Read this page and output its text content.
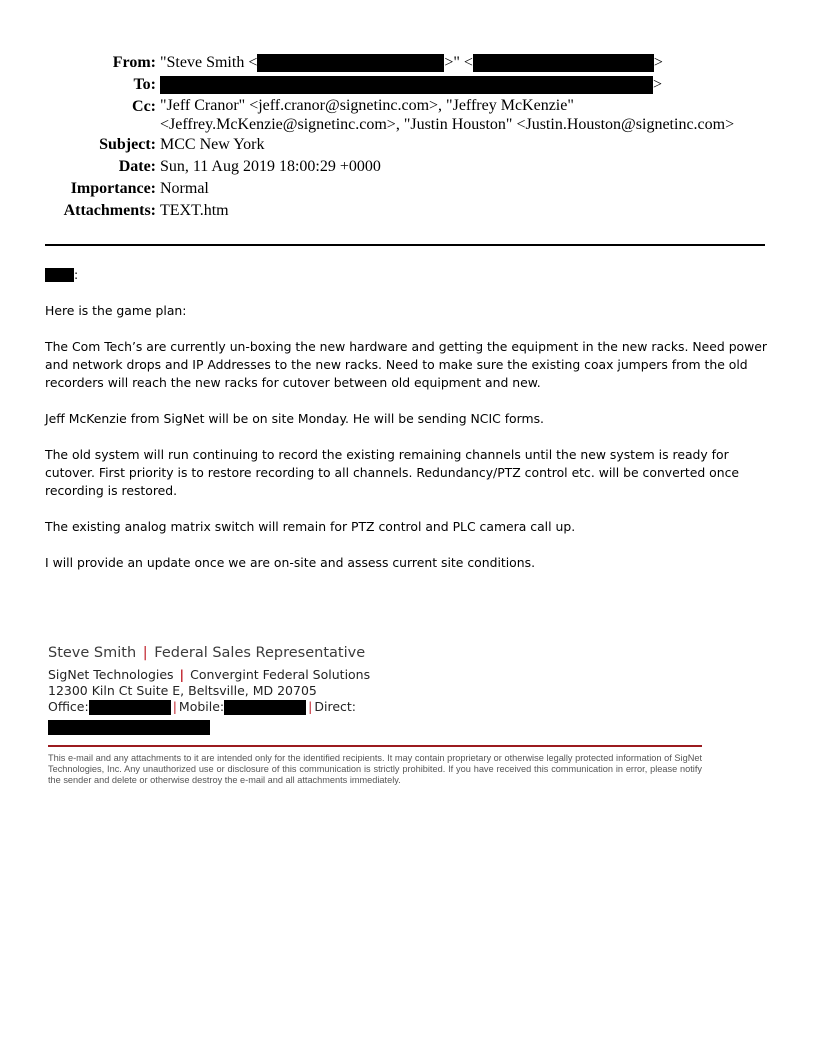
From: "Steve Smith <	>" <	>
To:	>
Cc: "Jeff Cranor" <jeff.cranor@signetinc.com>, "Jeffrey McKenzie"
<Jeffrey.McKenzie@signetinc.com>, "Justin Houston" <Justin.Houston@signetinc.com>
Subject: MCC New York
Date: Sun, 11 Aug 2019 18:00:29 +0000
Importance: Normal
Attachments: TEXT.htm

:

Here is the game plan:

The Com Tech’s are currently un-boxing the new hardware and getting the equipment in the new racks. Need power and network drops and IP Addresses to the new racks. Need to make sure the existing coax jumpers from the old recorders will reach the new racks for cutover between old equipment and new.

Jeff McKenzie from SigNet will be on site Monday. He will be sending NCIC forms.

The old system will run continuing to record the existing remaining channels until the new system is ready for cutover. First priority is to restore recording to all channels. Redundancy/PTZ control etc. will be converted once recording is restored.

The existing analog matrix switch will remain for PTZ control and PLC camera call up.

I will provide an update once we are on-site and assess current site conditions.

Steve Smith | Federal Sales Representative
SigNet Technologies | Convergint Federal Solutions
12300 Kiln Ct Suite E, Beltsville, MD 20705
Office:	| Mobile:	| Direct:
This e-mail and any attachments to it are intended only for the identified recipients. It may contain proprietary or otherwise legally protected information of SigNet Technologies, Inc. Any unauthorized use or disclosure of this communication is strictly prohibited. If you have received this communication in error, please notify the sender and delete or otherwise destroy the e-mail and all attachments immediately.
